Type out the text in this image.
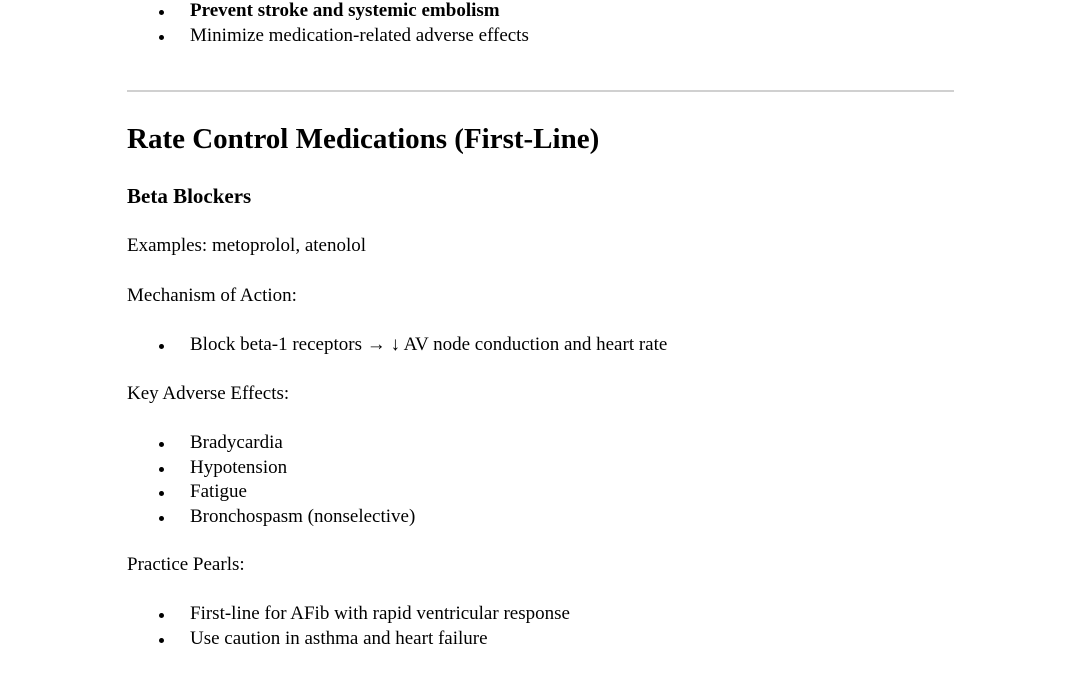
Prevent stroke and systemic embolism
Minimize medication-related adverse effects
Rate Control Medications (First-Line)
Beta Blockers

Examples: metoprolol, atenolol

Mechanism of Action:

Block beta-1 receptors → ↓ AV node conduction and heart rate

Key Adverse Effects:

Bradycardia
Hypotension
Fatigue
Bronchospasm (nonselective)

Practice Pearls:

First-line for AFib with rapid ventricular response
Use caution in asthma and heart failure
